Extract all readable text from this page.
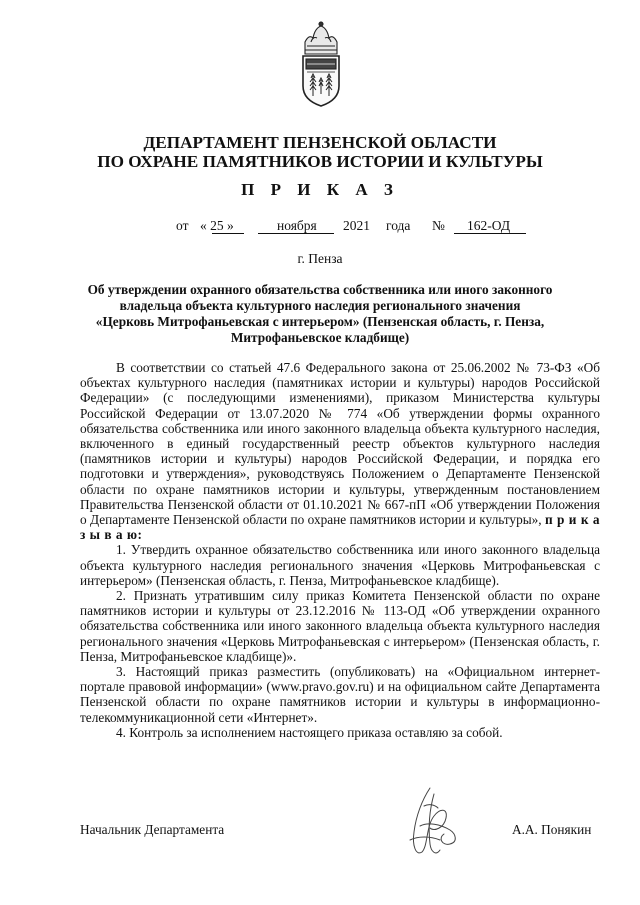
ДЕПАРТАМЕНТ ПЕНЗЕНСКОЙ ОБЛАСТИ
ПО ОХРАНЕ ПАМЯТНИКОВ ИСТОРИИ И КУЛЬТУРЫ
П Р И К А З
от « 25 »	ноября 2021 года № 162-ОД
г. Пенза
Об утверждении охранного обязательства собственника или иного законного
владельца объекта культурного наследия регионального значения
«Церковь Митрофаньевская с интерьером» (Пензенская область, г. Пенза,
Митрофаньевское кладбище)

В соответствии со статьей 47.6 Федерального закона от 25.06.2002 № 73-ФЗ «Об объектах культурного наследия (памятниках истории и культуры) народов Российской Федерации» (с последующими изменениями), приказом Министерства культуры Российской Федерации от 13.07.2020 № 774 «Об утверждении формы охранного обязательства собственника или иного законного владельца объекта культурного наследия, включенного в единый государственный реестр объектов культурного наследия (памятников истории и культуры) народов Российской Федерации, и порядка его подготовки и утверждения», руководствуясь Положением о Департаменте Пензенской области по охране памятников истории и культуры, утвержденным постановлением Правительства Пензенской области от 01.10.2021 № 667-пП «Об утверждении Положения о Департаменте Пензенской области по охране памятников истории и культуры», п р и к а з ы в а ю:

1. Утвердить охранное обязательство собственника или иного законного владельца объекта культурного наследия регионального значения «Церковь Митрофаньевская с интерьером» (Пензенская область, г. Пенза, Митрофаньевское кладбище).

2. Признать утратившим силу приказ Комитета Пензенской области по охране памятников истории и культуры от 23.12.2016 № 113-ОД «Об утверждении охранного обязательства собственника или иного законного владельца объекта культурного наследия регионального значения «Церковь Митрофаньевская с интерьером» (Пензенская область, г. Пенза, Митрофаньевское кладбище)».

3. Настоящий приказ разместить (опубликовать) на «Официальном интернет-портале правовой информации» (www.pravo.gov.ru) и на официальном сайте Департамента Пензенской области по охране памятников истории и культуры в информационно-телекоммуникационной сети «Интернет».

4. Контроль за исполнением настоящего приказа оставляю за собой.

Начальник Департамента	А.А. Понякин
